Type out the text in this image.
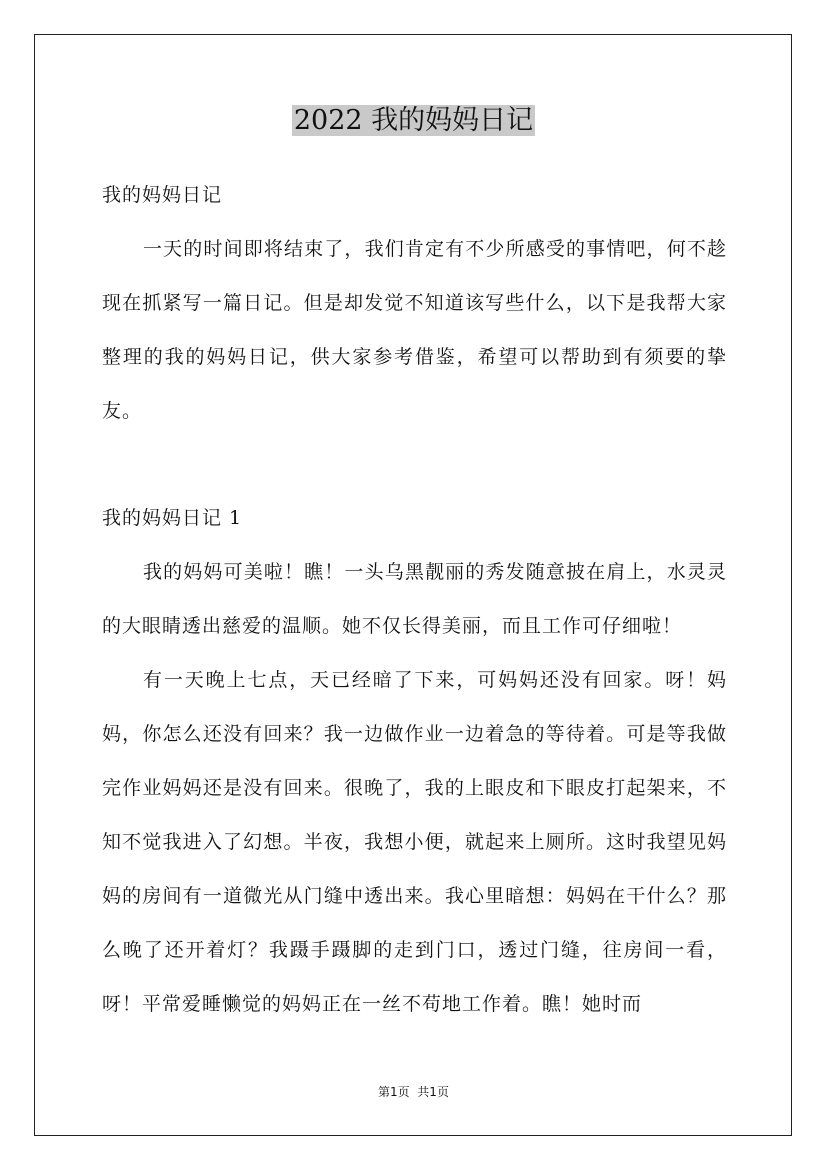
2022 我的妈妈日记

我的妈妈日记

一天的时间即将结束了，我们肯定有不少所感受的事情吧，何不趁现在抓紧写一篇日记。但是却发觉不知道该写些什么，以下是我帮大家整理的我的妈妈日记，供大家参考借鉴，希望可以帮助到有须要的挚友。

我的妈妈日记 1

我的妈妈可美啦！瞧！一头乌黑靓丽的秀发随意披在肩上，水灵灵的大眼睛透出慈爱的温顺。她不仅长得美丽，而且工作可仔细啦！

有一天晚上七点，天已经暗了下来，可妈妈还没有回家。呀！妈妈，你怎么还没有回来？我一边做作业一边着急的等待着。可是等我做完作业妈妈还是没有回来。很晚了，我的上眼皮和下眼皮打起架来，不知不觉我进入了幻想。半夜，我想小便，就起来上厕所。这时我望见妈妈的房间有一道微光从门缝中透出来。我心里暗想：妈妈在干什么？那么晚了还开着灯？我蹑手蹑脚的走到门口，透过门缝，往房间一看，呀！平常爱睡懒觉的妈妈正在一丝不苟地工作着。瞧！她时而

第1页  共1页
